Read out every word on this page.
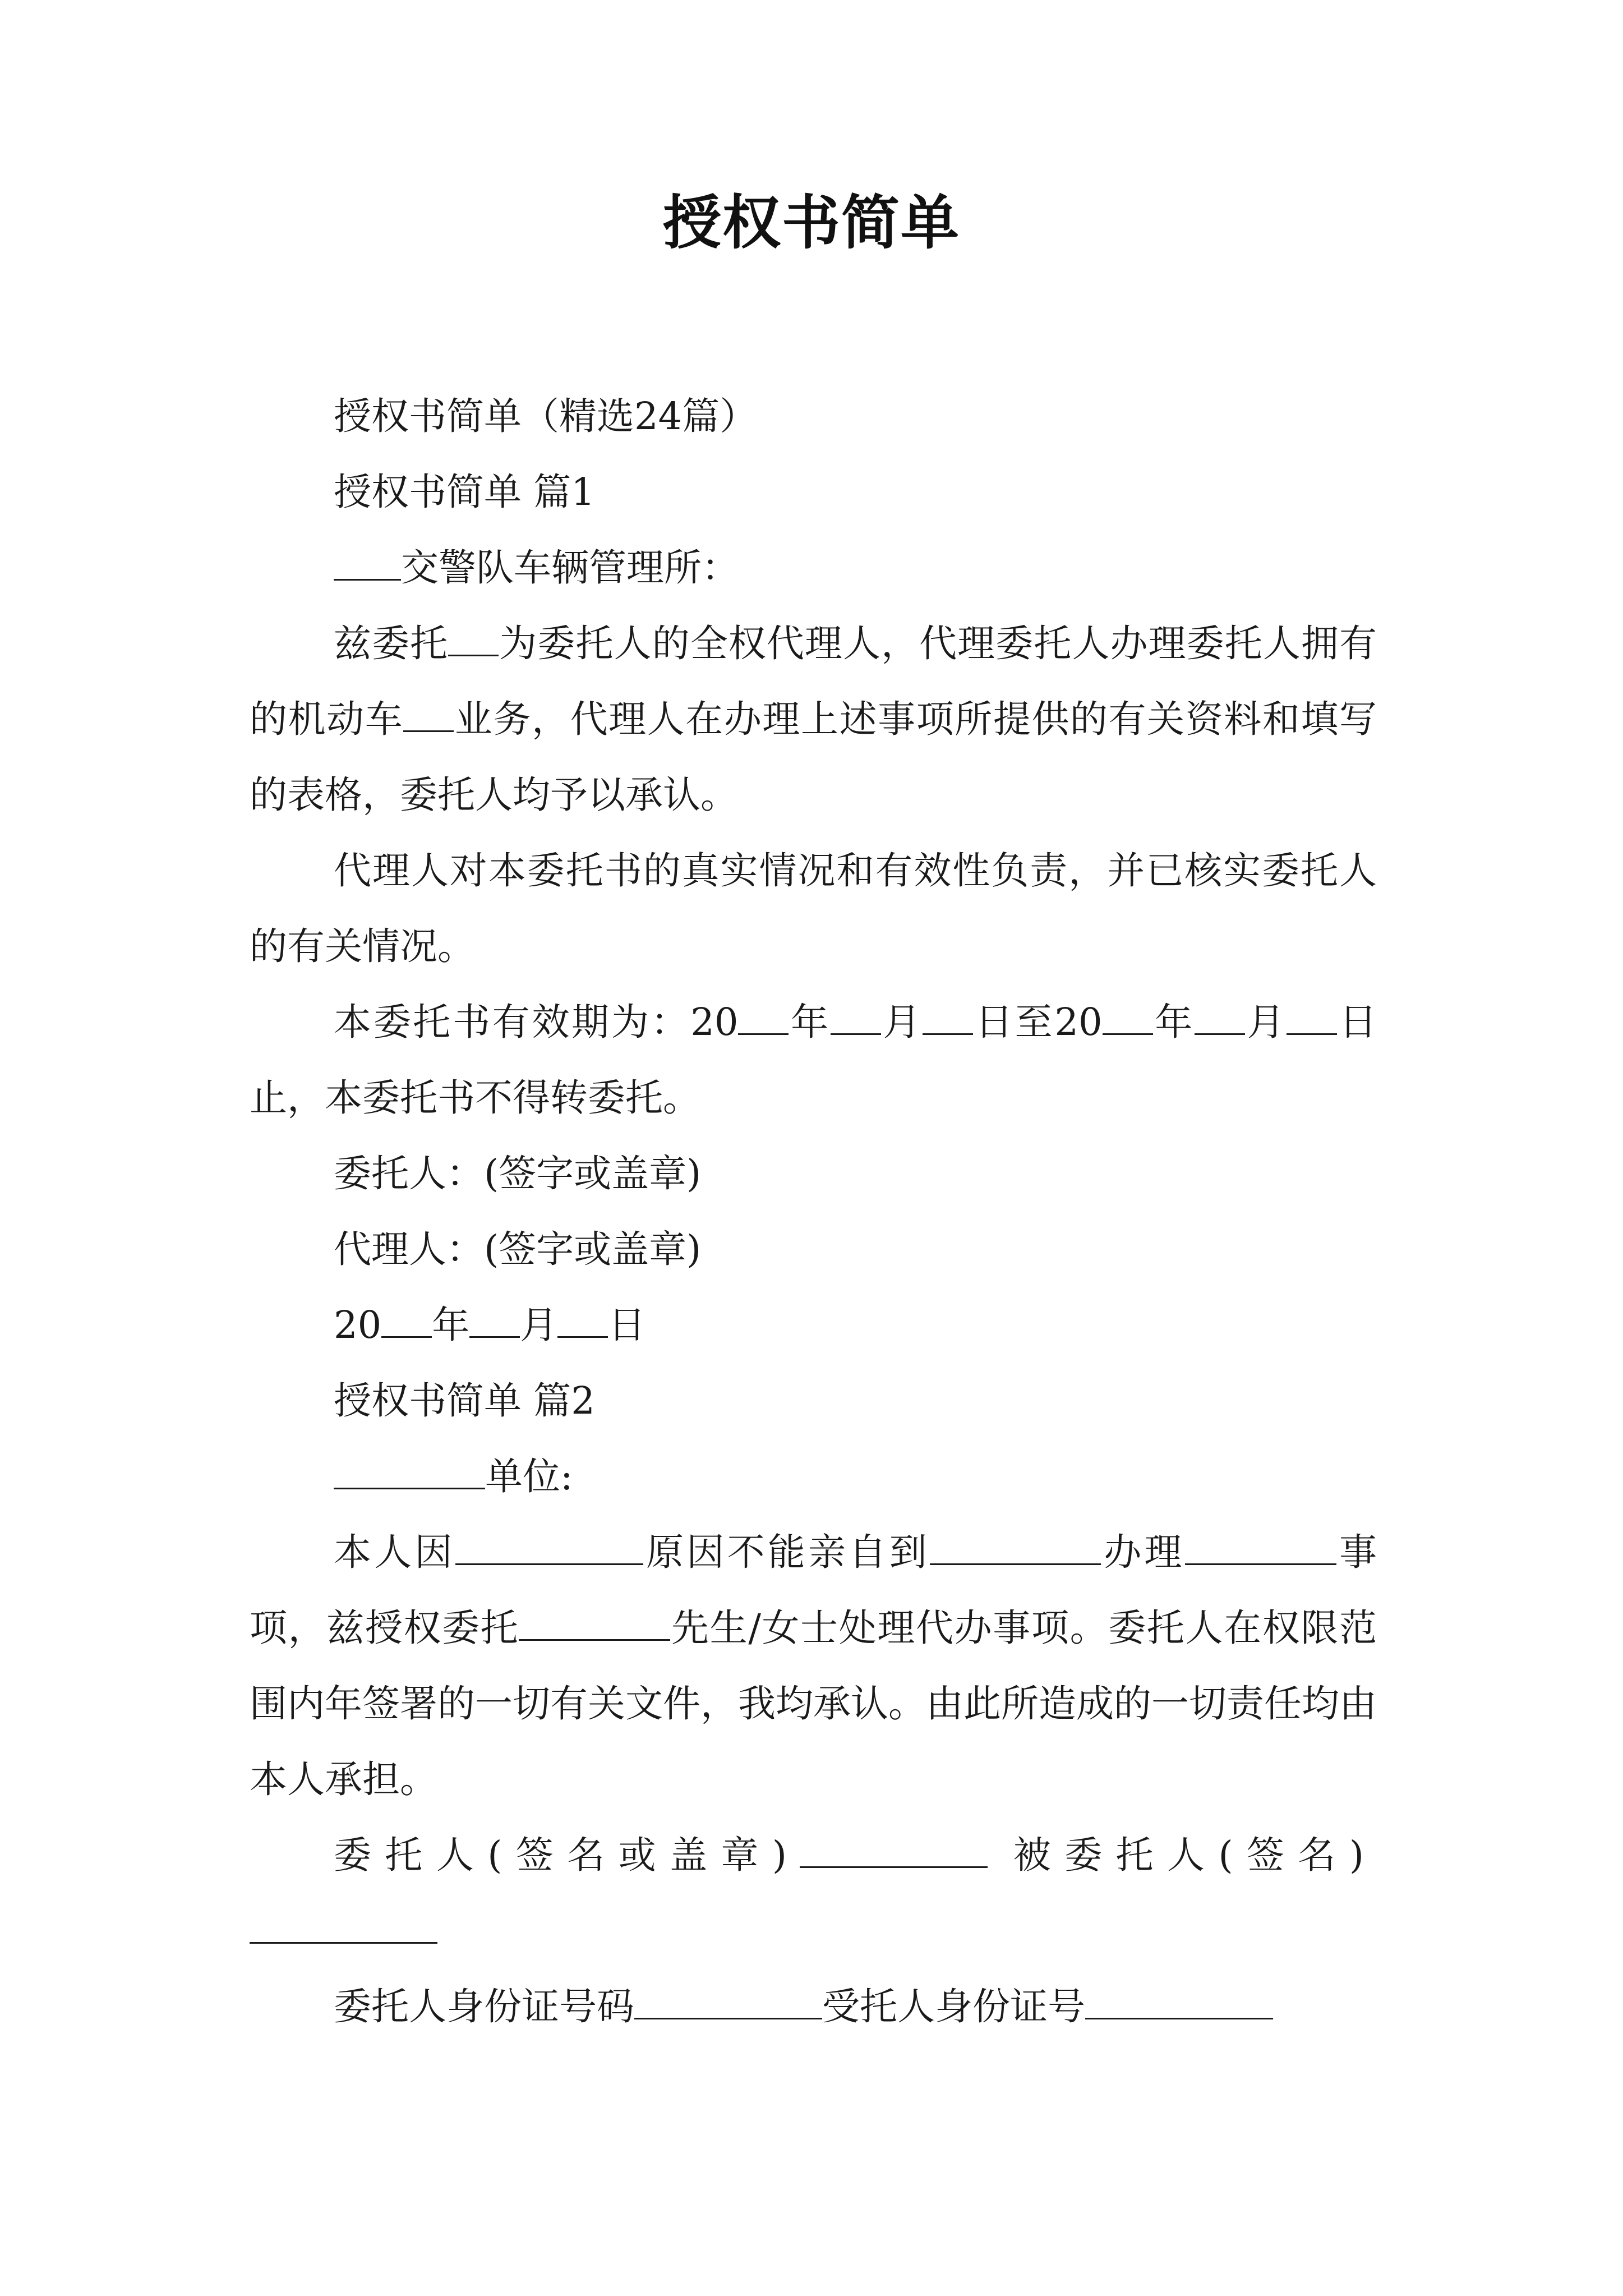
授权书简单

授权书简单（精选24篇）

授权书简单 篇1

交警队车辆管理所：

兹委托 为委托人的全权代理人，代理委托人办理委托人拥有的机动车 业务，代理人在办理上述事项所提供的有关资料和填写的表格，委托人均予以承认。

代理人对本委托书的真实情况和有效性负责，并已核实委托人的有关情况。

本委托书有效期为：20 年 月 日至20 年 月 日止，本委托书不得转委托。

委托人：(签字或盖章)

代理人：(签字或盖章)

20 年 月 日

授权书简单 篇2

单位:

本人因	原因不能亲自到	办理	事项，兹授权委托	先生/女士处理代办事项。委托人在权限范围内年签署的一切有关文件，我均承认。由此所造成的一切责任均由本人承担。

委托人(签名或盖章)	被委托人(签名)

委托人身份证号码	受托人身份证号
